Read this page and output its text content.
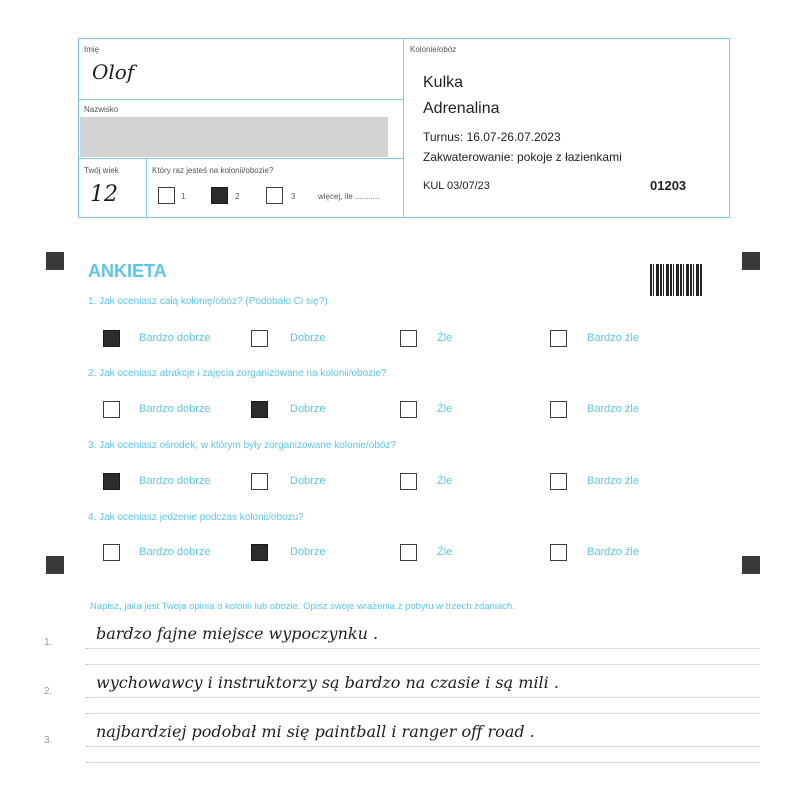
Imię
Olof
Nazwisko
Twój wiek
12
Który raz jesteś na kolonii/obozie?
1	2	3	więcej, ile ...........
Kolonie/obóz
Kulka
Adrenalina
Turnus: 16.07-26.07.2023
Zakwaterowanie: pokoje z łazienkami
KUL 03/07/23	01203
ANKIETA
1. Jak oceniasz całą kolonię/obóz? (Podobało Ci się?)
Bardzo dobrze	Dobrze	Źle	Bardzo źle
2. Jak oceniasz atrakcje i zajęcia zorganizowane na kolonii/obozie?
Bardzo dobrze	Dobrze	Źle	Bardzo źle
3. Jak oceniasz ośrodek, w którym były zorganizowane kolonie/obóz?
Bardzo dobrze	Dobrze	Źle	Bardzo źle
4. Jak oceniasz jedzenie podczas kolonii/obozu?
Bardzo dobrze	Dobrze	Źle	Bardzo źle
Napisz, jaka jest Twoja opinia o kolonii lub obozie. Opisz swoje wrażenia z pobytu w trzech zdaniach.
1.	bardzo fajne miejsce wypoczynku .
2.	wychowawcy i instruktorzy są bardzo na czasie i są mili .
3.	najbardziej podobał mi się paintball i ranger off road .
